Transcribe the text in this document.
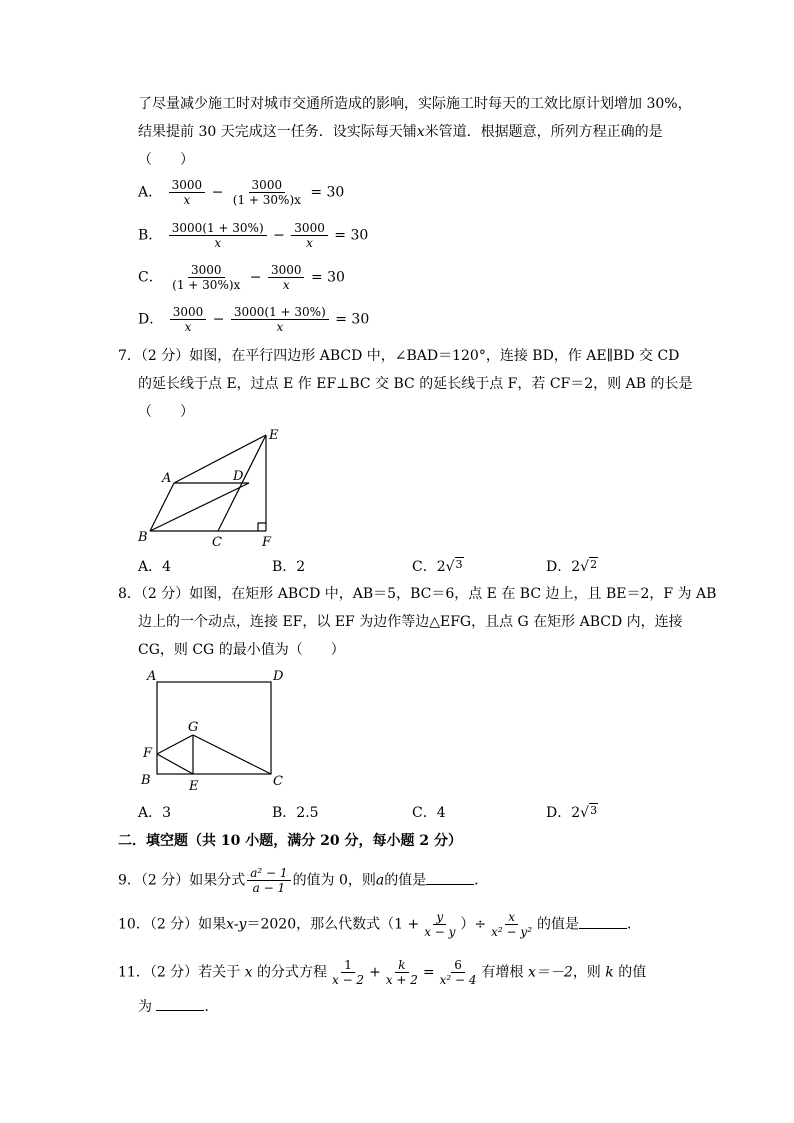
了尽量减少施工时对城市交通所造成的影响，实际施工时每天的工效比原计划增加 30%，
结果提前 30 天完成这一任务．设实际每天铺x米管道．根据题意，所列方程正确的是
（　　）
A． $\frac{3000}{x} - \frac{3000}{(1 + 30\%)x} = 30$
B． $\frac{3000(1 + 30\%)}{x} - \frac{3000}{x} = 30$
C． $\frac{3000}{(1 + 30\%)x} - \frac{3000}{x} = 30$
D． $\frac{3000}{x} - \frac{3000(1 + 30\%)}{x} = 30$
7．（2 分）如图，在平行四边形 ABCD 中，∠BAD＝120°，连接 BD，作 AE∥BD 交 CD
的延长线于点 E，过点 E 作 EF⊥BC 交 BC 的延长线于点 F，若 CF＝2，则 AB 的长是
（　　）
A	D
E
B	C	F
A．4	B．2	C．2√ 3	D．2√ 2
8．（2 分）如图，在矩形 ABCD 中，AB＝5，BC＝6，点 E 在 BC 边上，且 BE＝2，F 为 AB
边上的一个动点，连接 EF，以 EF 为边作等边△EFG，且点 G 在矩形 ABCD 内，连接
CG，则 CG 的最小值为（　　）
A	D
G
F
B	E	C
A．3	B．2.5	C．4	D．2√ 3
二．填空题（共 10 小题，满分 20 分，每小题 2 分）
9．（2 分）如果分式 $\frac{\text{a² − 1}}{a - 1}$ 的值为 0，则a的值是	．
10．（2 分）如果x-y＝2020，那么代数式（$1 + \frac{y}{x - y}$ ）÷ $\frac{x}{\text{x² − y²}}$ 的值是	．
11．（2 分）若关于 x 的分式方程 $\frac{1}{x - 2} + \frac{k}{x + 2} = \frac{6}{\text{x² − 4}}$ 有增根 x＝－2，则 k 的值
为	．
